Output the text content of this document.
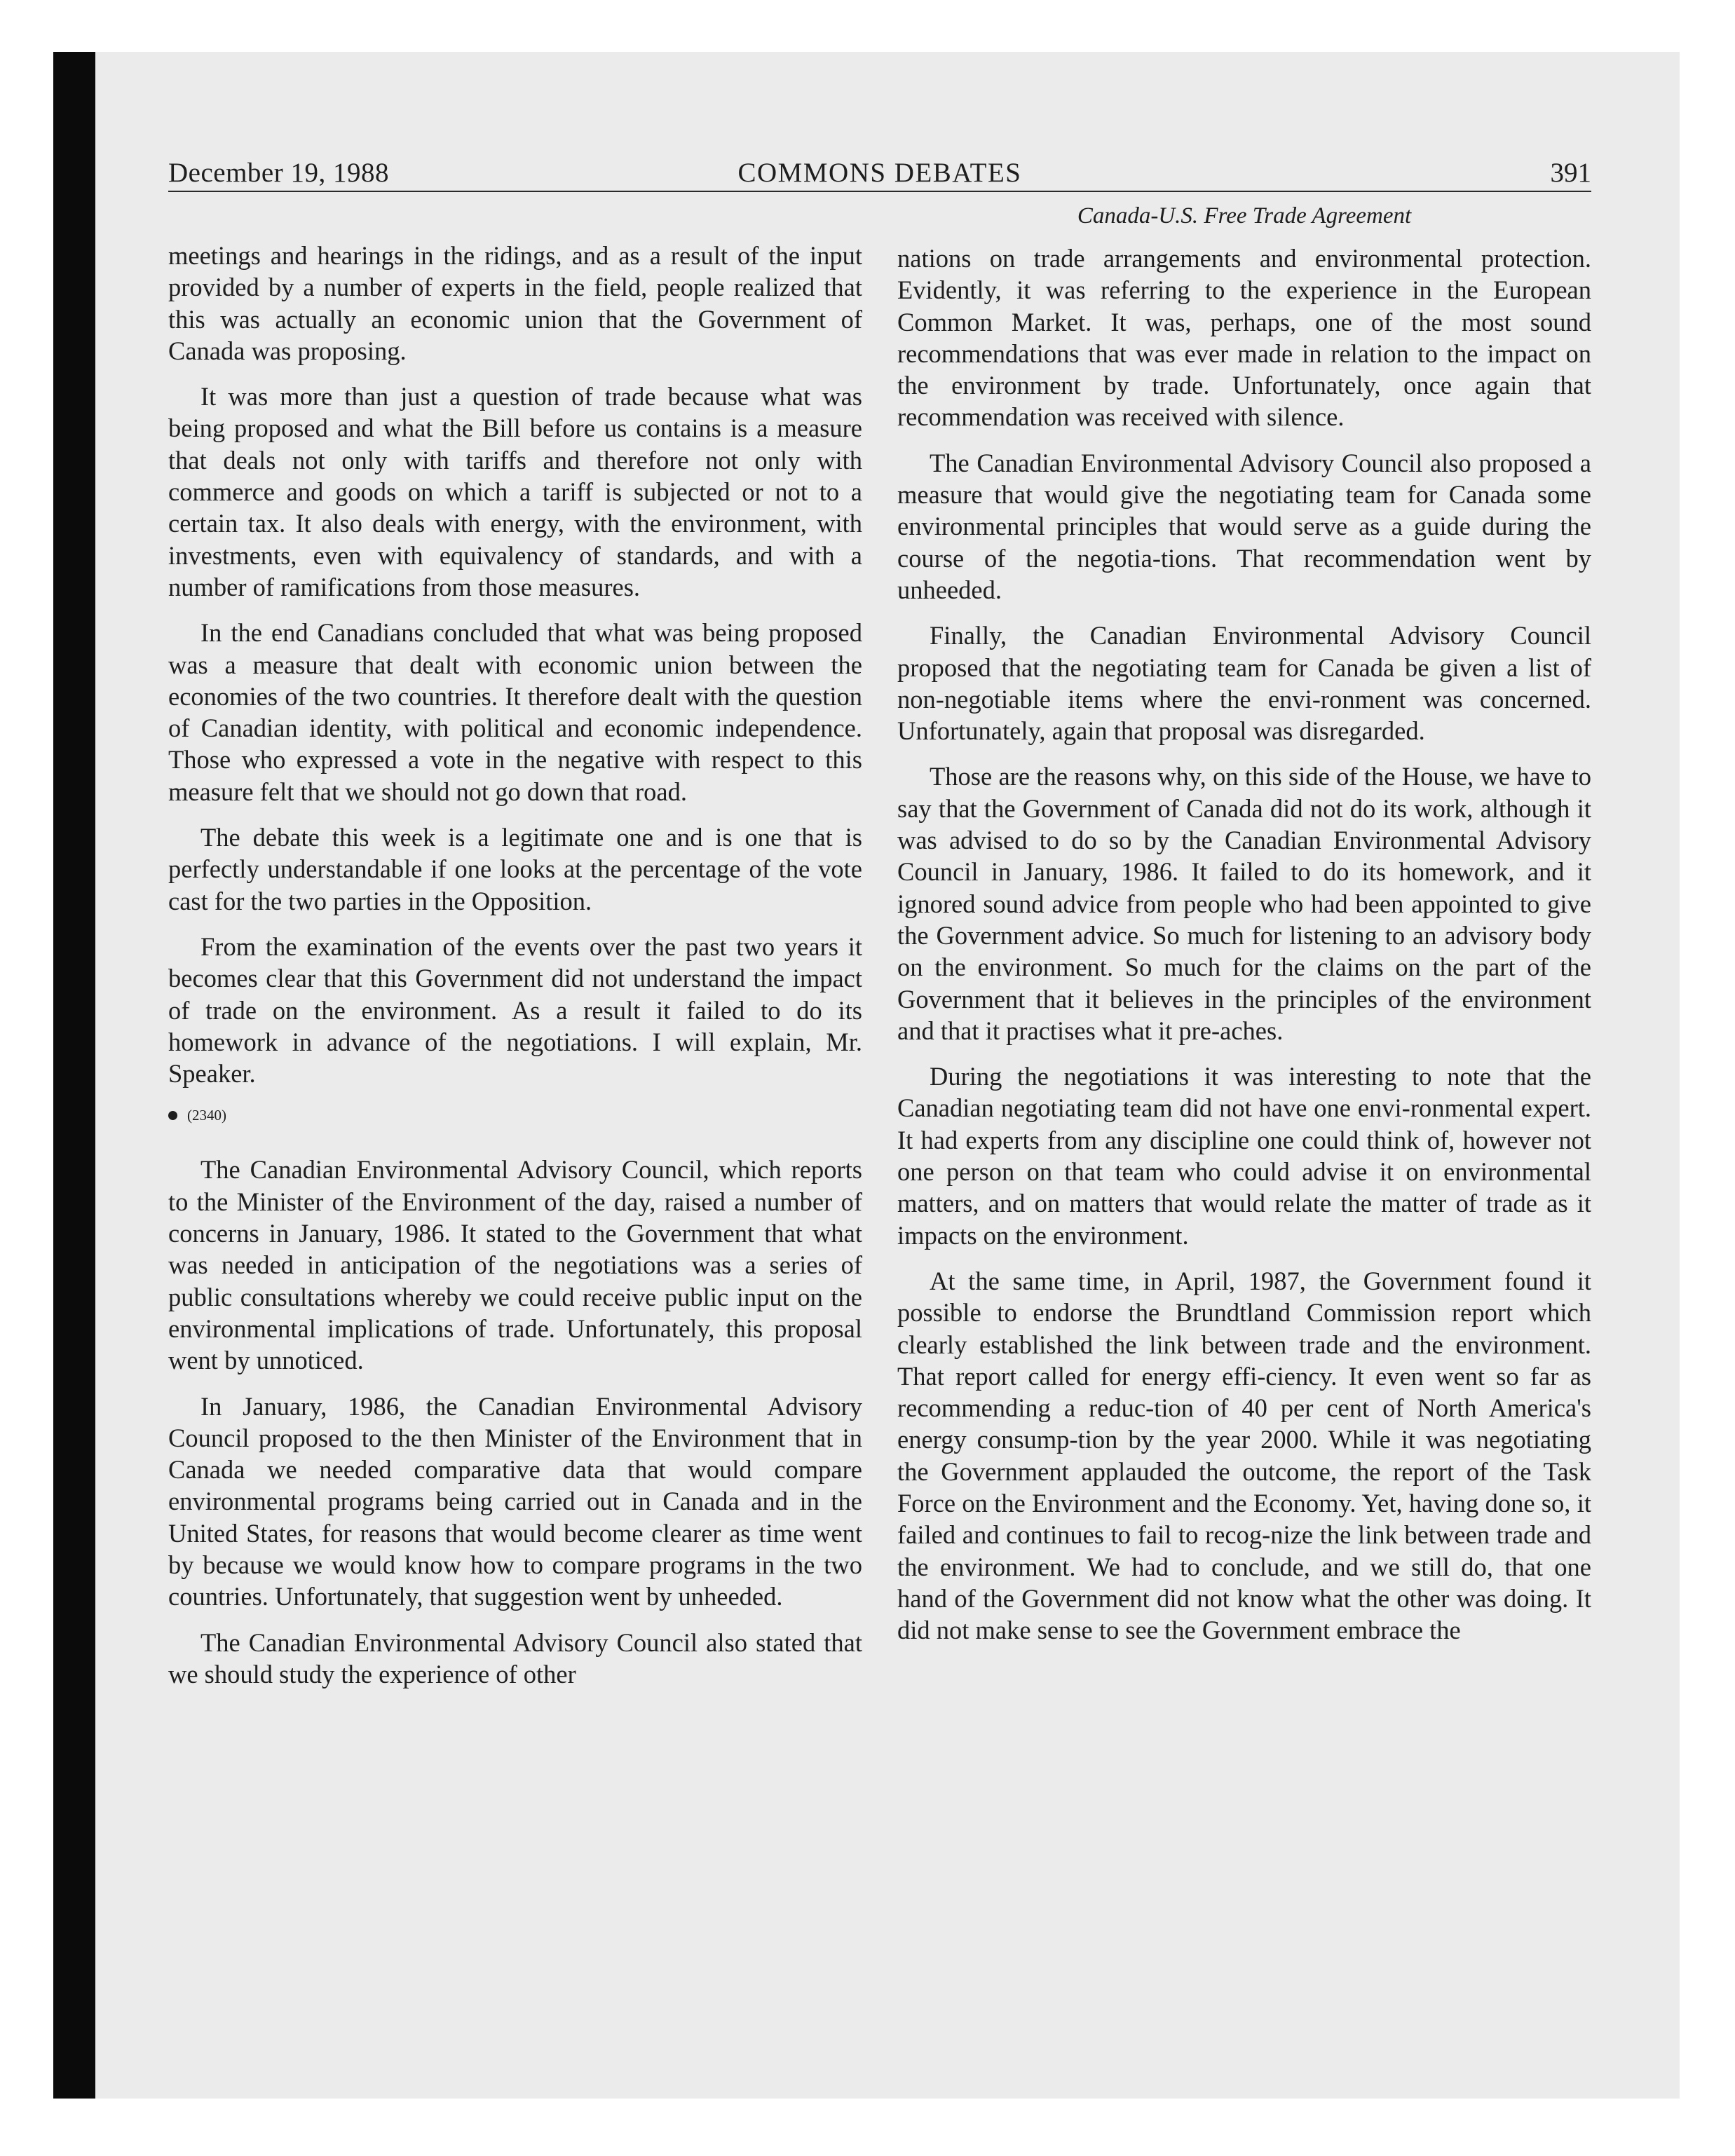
December 19, 1988	COMMONS DEBATES	391

meetings and hearings in the ridings, and as a result of the input provided by a number of experts in the field, people realized that this was actually an economic union that the Government of Canada was proposing.

It was more than just a question of trade because what was being proposed and what the Bill before us contains is a measure that deals not only with tariffs and therefore not only with commerce and goods on which a tariff is subjected or not to a certain tax. It also deals with energy, with the environment, with investments, even with equivalency of standards, and with a number of ramifications from those measures.

In the end Canadians concluded that what was being proposed was a measure that dealt with economic union between the economies of the two countries. It therefore dealt with the question of Canadian identity, with political and economic independence. Those who expressed a vote in the negative with respect to this measure felt that we should not go down that road.

The debate this week is a legitimate one and is one that is perfectly understandable if one looks at the percentage of the vote cast for the two parties in the Opposition.

From the examination of the events over the past two years it becomes clear that this Government did not understand the impact of trade on the environment. As a result it failed to do its homework in advance of the negotiations. I will explain, Mr. Speaker.

(2340)

The Canadian Environmental Advisory Council, which reports to the Minister of the Environment of the day, raised a number of concerns in January, 1986. It stated to the Government that what was needed in anticipation of the negotiations was a series of public consultations whereby we could receive public input on the environmental implications of trade. Unfortunately, this proposal went by unnoticed.

In January, 1986, the Canadian Environmental Advisory Council proposed to the then Minister of the Environment that in Canada we needed comparative data that would compare environmental programs being carried out in Canada and in the United States, for reasons that would become clearer as time went by because we would know how to compare programs in the two countries. Unfortunately, that suggestion went by unheeded.

The Canadian Environmental Advisory Council also stated that we should study the experience of other

Canada-U.S. Free Trade Agreement

nations on trade arrangements and environmental protection. Evidently, it was referring to the experience in the European Common Market. It was, perhaps, one of the most sound recommendations that was ever made in relation to the impact on the environment by trade. Unfortunately, once again that recommendation was received with silence.

The Canadian Environmental Advisory Council also proposed a measure that would give the negotiating team for Canada some environmental principles that would serve as a guide during the course of the negotia-tions. That recommendation went by unheeded.

Finally, the Canadian Environmental Advisory Council proposed that the negotiating team for Canada be given a list of non-negotiable items where the envi-ronment was concerned. Unfortunately, again that proposal was disregarded.

Those are the reasons why, on this side of the House, we have to say that the Government of Canada did not do its work, although it was advised to do so by the Canadian Environmental Advisory Council in January, 1986. It failed to do its homework, and it ignored sound advice from people who had been appointed to give the Government advice. So much for listening to an advisory body on the environment. So much for the claims on the part of the Government that it believes in the principles of the environment and that it practises what it pre-aches.

During the negotiations it was interesting to note that the Canadian negotiating team did not have one envi-ronmental expert. It had experts from any discipline one could think of, however not one person on that team who could advise it on environmental matters, and on matters that would relate the matter of trade as it impacts on the environment.

At the same time, in April, 1987, the Government found it possible to endorse the Brundtland Commission report which clearly established the link between trade and the environment. That report called for energy effi-ciency. It even went so far as recommending a reduc-tion of 40 per cent of North America's energy consump-tion by the year 2000. While it was negotiating the Government applauded the outcome, the report of the Task Force on the Environment and the Economy. Yet, having done so, it failed and continues to fail to recog-nize the link between trade and the environment. We had to conclude, and we still do, that one hand of the Government did not know what the other was doing. It did not make sense to see the Government embrace the
